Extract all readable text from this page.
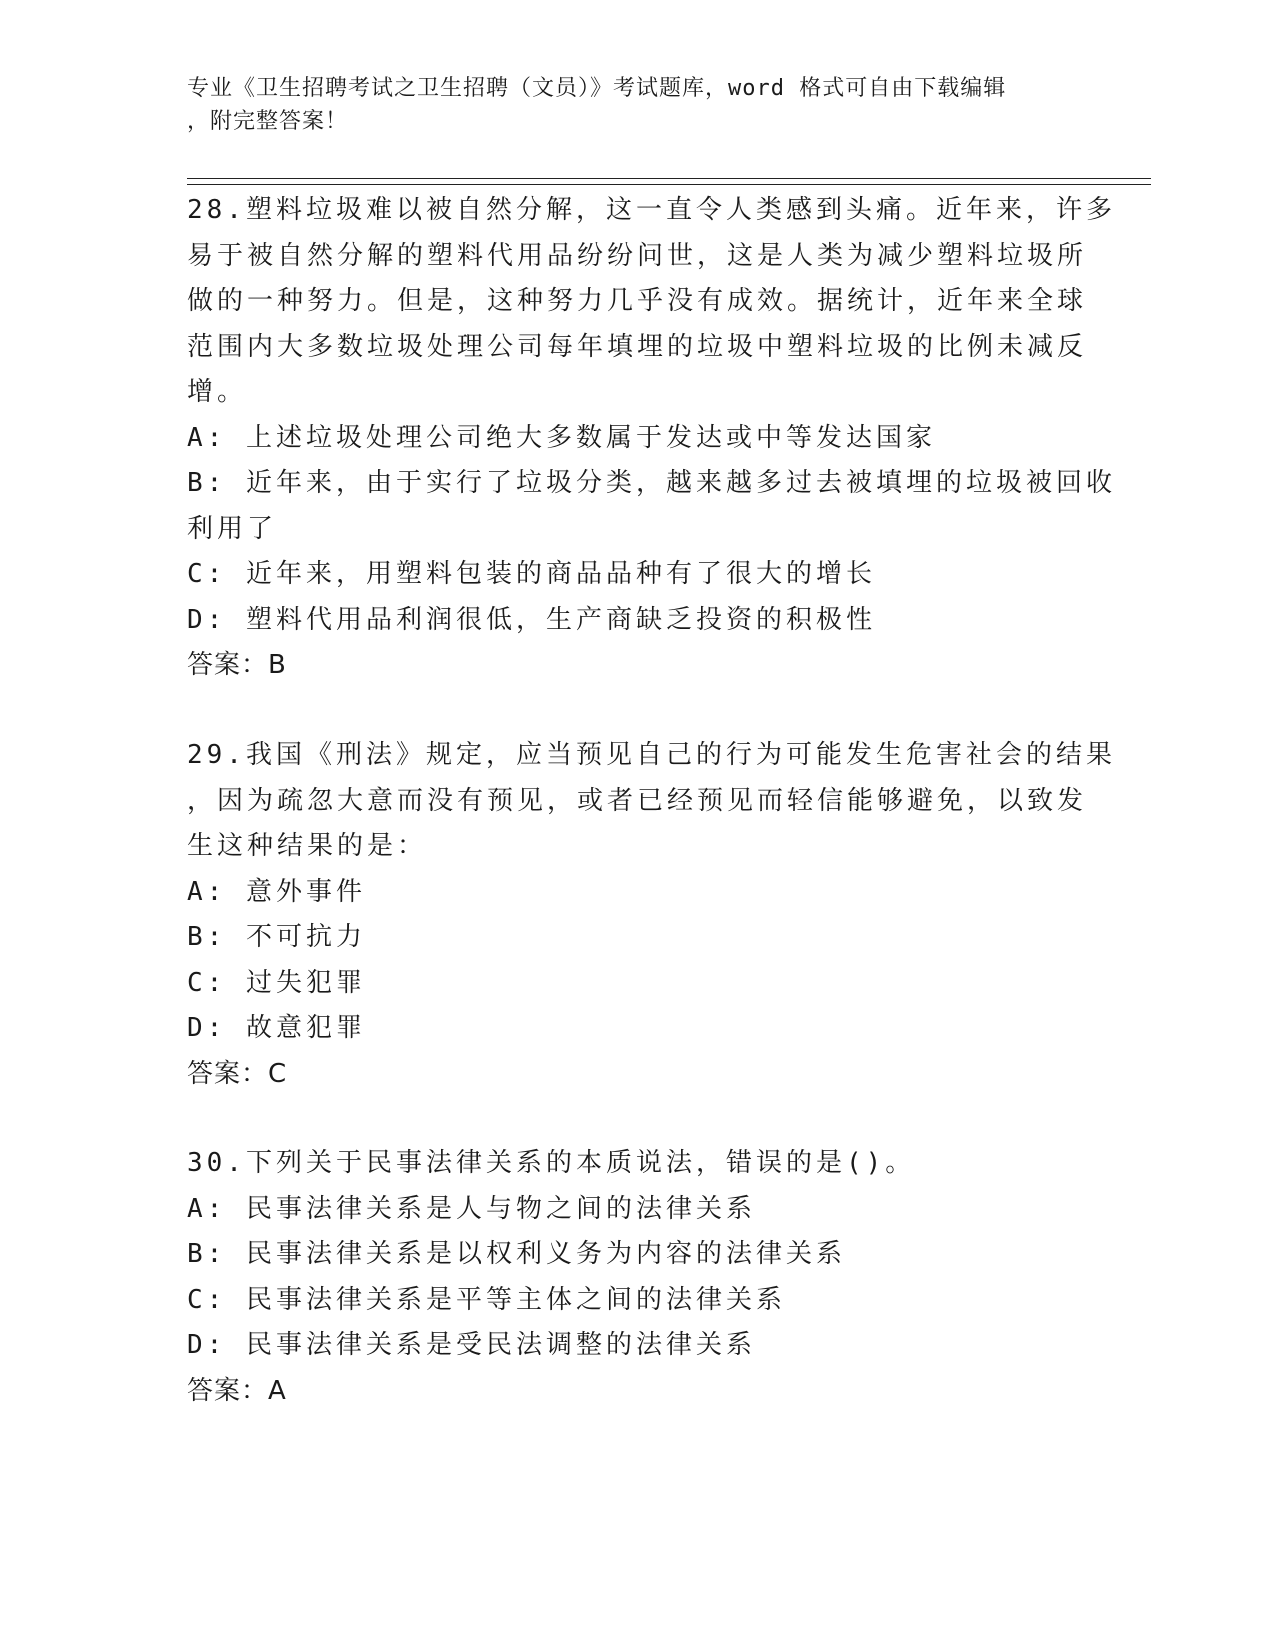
专业《卫生招聘考试之卫生招聘（文员）》考试题库，word 格式可自由下载编辑
，附完整答案！
28.塑料垃圾难以被自然分解，这一直令人类感到头痛。近年来，许多
易于被自然分解的塑料代用品纷纷问世，这是人类为减少塑料垃圾所
做的一种努力。但是，这种努力几乎没有成效。据统计，近年来全球
范围内大多数垃圾处理公司每年填埋的垃圾中塑料垃圾的比例未减反
增。
A: 上述垃圾处理公司绝大多数属于发达或中等发达国家
B: 近年来，由于实行了垃圾分类，越来越多过去被填埋的垃圾被回收
利用了
C: 近年来，用塑料包装的商品品种有了很大的增长
D: 塑料代用品利润很低，生产商缺乏投资的积极性
答案：B
29.我国《刑法》规定，应当预见自己的行为可能发生危害社会的结果
，因为疏忽大意而没有预见，或者已经预见而轻信能够避免，以致发
生这种结果的是：
A: 意外事件
B: 不可抗力
C: 过失犯罪
D: 故意犯罪
答案：C
30.下列关于民事法律关系的本质说法，错误的是()。
A: 民事法律关系是人与物之间的法律关系
B: 民事法律关系是以权利义务为内容的法律关系
C: 民事法律关系是平等主体之间的法律关系
D: 民事法律关系是受民法调整的法律关系
答案：A
